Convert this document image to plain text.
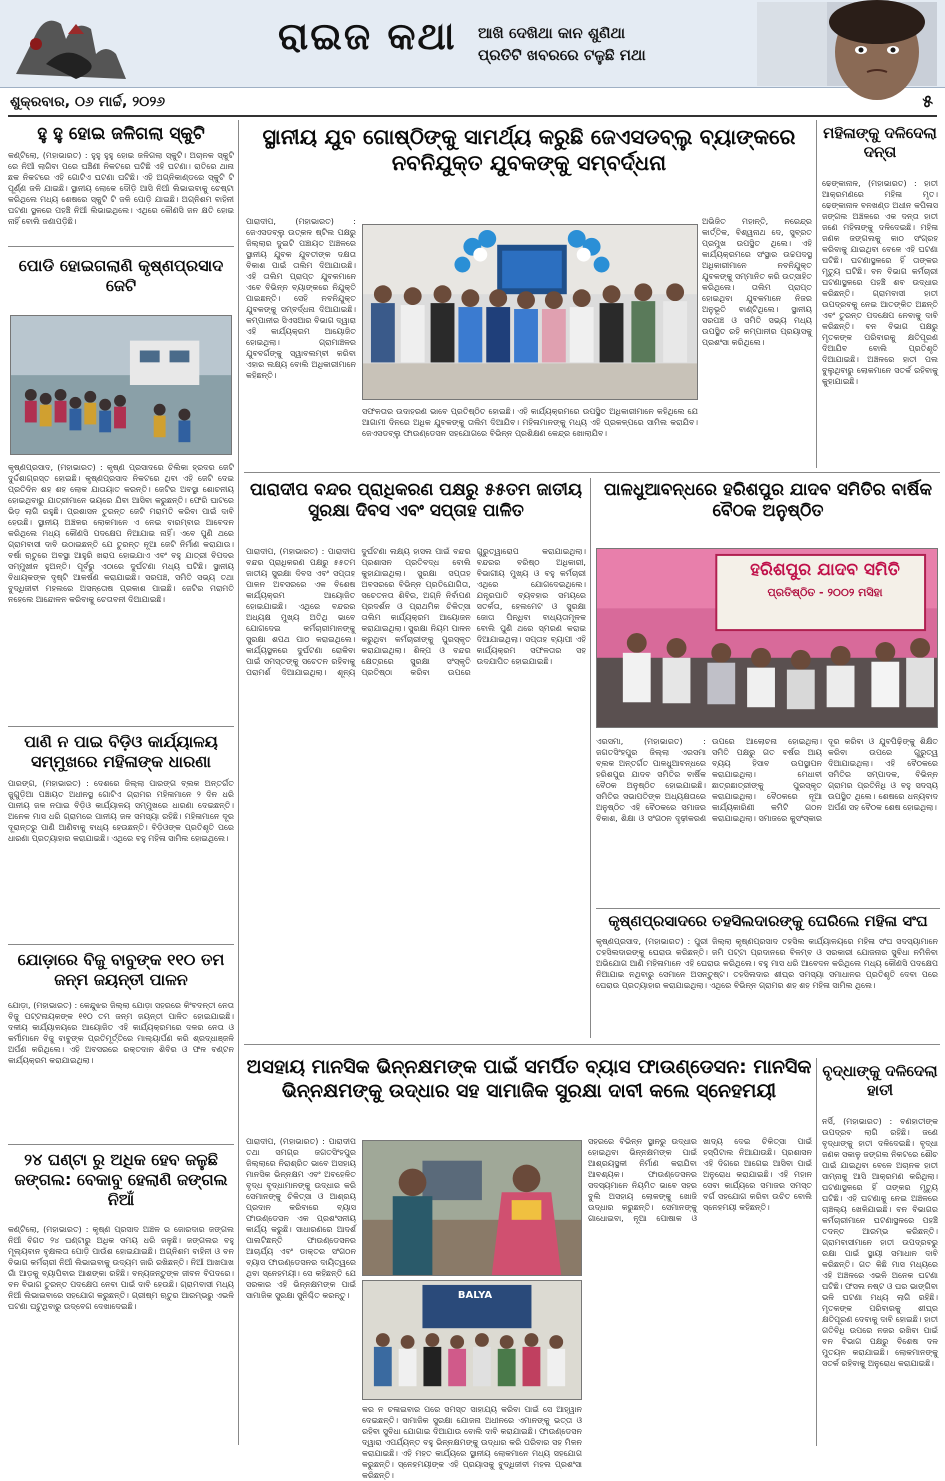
ରାଇଜ କଥା ଆଖି ଦେଖିଥା କାନ ଶୁଣିଥା
ପ୍ରତିଟି ଖବରରେ ଟଳୁଛି ମଥା
ଶୁକ୍ରବାର, ୦୬ ମାର୍ଚ୍ଚ, ୨୦୨୬	୫
ହୁ ହୁ ହୋଇ ଜଳିଗଲା ସ୍କୁଟି
କଣ୍ଟିଲୋ, (ମହାଭାରତ) : ହୁହୁ ହୁହୁ ହୋଇ ଜଳିଗଲା ସ୍କୁଟି। ଅଚାନକ ସ୍କୁଟି ରେ ନିଆଁ ଲାଗିବା ପରେ ଘଞ୍ଚିଣୀ ନିକଟରେ ଘଟିଛି ଏହି ଘଟଣା। ରାତିରେ ଥାନା ଛକ ନିକଟରେ ଏହି ଗୋଟିଏ ଘଟଣା ଘଟିଛି। ଏହି ଅଗ୍ନିକାଣ୍ଡରେ ସ୍କୁଟି ଟି ପୂର୍ଣ୍ଣ ଜଳି ଯାଇଛି। ସ୍ଥାନୀୟ ଲୋକେ ଦୌଡ଼ି ଆସି ନିଆଁ ଲିଭାଇବାକୁ ଚେଷ୍ଟା କରିଥିଲେ ମଧ୍ୟ ଶେଷରେ ସ୍କୁଟି ଟି ଜଳି ପୋଡ଼ି ଯାଇଛି। ଅଗ୍ନିଶମ ବାହିନୀ ଘଟଣା ସ୍ଥଳରେ ପହଞ୍ଚି ନିଆଁ ଲିଭାଇଥିଲେ। ଏଥିରେ କୌଣସି ଜନ କ୍ଷତି ହୋଇ ନାହିଁ ବୋଲି ଜଣାପଡ଼ିଛି।
ପୋଡି ହୋଇଗଲାଣି କୃଷ୍ଣପ୍ରସାଦ ଜେଟି
କୃଷ୍ଣପ୍ରସାଦ, (ମହାଭାରତ) : କୃଷ୍ଣ ପ୍ରସାଦରେ ଚିଲିକା ହ୍ରଦର ଜେଟି ଦୁର୍ଦ୍ଦଶାଗ୍ରସ୍ତ ହୋଇଛି। କୃଷ୍ଣପ୍ରସାଦ ନିକଟରେ ଥିବା ଏହି ଜେଟି ଦେଇ ପ୍ରତିଦିନ ଶହ ଶହ ଲୋକ ଯାତାୟାତ କରନ୍ତି। ଜେଟିର ଅବସ୍ଥା ଶୋଚନୀୟ ହୋଇଥିବାରୁ ଯାତ୍ରୀମାନେ ଭୟରେ ଯିବା ଆସିବା କରୁଛନ୍ତି। ଫେରି ଘାଟରେ ଭିଡ଼ ଲାଗି ରହୁଛି। ପ୍ରଶାସନ ତୁରନ୍ତ ଜେଟି ମରାମତି କରିବା ପାଇଁ ଦାବି ହେଉଛି। ସ୍ଥାନୀୟ ଅଞ୍ଚଳର ଲୋକମାନେ ଏ ନେଇ ବାରମ୍ବାର ଆବେଦନ କରିଥିଲେ ମଧ୍ୟ କୌଣସି ପଦକ୍ଷେପ ନିଆଯାଇ ନାହିଁ। ଏବେ ପୁଣି ଥରେ ଗ୍ରାମବାସୀ ଦାବି ଉଠାଇଛନ୍ତି ଯେ ତୁରନ୍ତ ନୂଆ ଜେଟି ନିର୍ମାଣ କରାଯାଉ। ବର୍ଷା ଋତୁରେ ଅବସ୍ଥା ଆହୁରି ଖରାପ ହୋଇଯାଏ ଏବଂ ବହୁ ଯାତ୍ରୀ ବିପଦର ସମ୍ମୁଖୀନ ହୁଅନ୍ତି। ପୂର୍ବରୁ ଏଠାରେ ଦୁର୍ଘଟଣା ମଧ୍ୟ ଘଟିଛି। ସ୍ଥାନୀୟ ବିଧାୟକଙ୍କ ଦୃଷ୍ଟି ଆକର୍ଷଣ କରାଯାଇଛି। ସରପଞ୍ଚ, ସମିତି ସଭ୍ୟ ତଥା ବୁଦ୍ଧିଜୀବୀ ମହଲରେ ଅସନ୍ତୋଷ ପ୍ରକାଶ ପାଇଛି। ଜେଟିର ମରାମତି ନହେଲେ ଆନ୍ଦୋଳନ କରିବାକୁ ଚେତାବନୀ ଦିଆଯାଇଛି।
ପାଣି ନ ପାଇ ବିଡ଼ିଓ କାର୍ଯ୍ୟାଳୟ ସମ୍ମୁଖରେ ମହିଳାଙ୍କ ଧାରଣା
ପାରଙ୍ଗ, (ମହାଭାରତ) : ଦେଶରେ ଜିଲ୍ଲା ପାରଙ୍ଗ ବ୍ଲକ ଅନ୍ତର୍ଗତ ଜୁଗୁଡ଼ିଆ ପଞ୍ଚାୟତ ଅଧୀନସ୍ଥ ଗୋଟିଏ ଗ୍ରାମର ମହିଳାମାନେ ୨ ଦିନ ଧରି ପାନୀୟ ଜଳ ନପାଇ ବିଡ଼ିଓ କାର୍ଯ୍ୟାଳୟ ସମ୍ମୁଖରେ ଧାରଣା ଦେଇଛନ୍ତି। ଅନେକ ମାସ ଧରି ଗ୍ରାମରେ ପାନୀୟ ଜଳ ସମସ୍ୟା ରହିଛି। ମହିଳାମାନେ ଦୂର ଦୂରାନ୍ତରୁ ପାଣି ଆଣିବାକୁ ବାଧ୍ୟ ହେଉଛନ୍ତି। ବିଡ଼ିଓଙ୍କ ପ୍ରତିଶୃତି ପରେ ଧାରଣା ପ୍ରତ୍ୟାହାର କରାଯାଇଛି। ଏଥିରେ ବହୁ ମହିଳା ସାମିଲ ହୋଇଥିଲେ।
ଯୋଡ଼ାରେ ବିଜୁ ବାବୁଙ୍କ ୧୧୦ ତମ ଜନ୍ମ ଜୟନ୍ତୀ ପାଳନ
ଯୋଡ଼ା, (ମହାଭାରତ) : କେନ୍ଦୁଝର ଜିଲ୍ଲା ଯୋଡ଼ା ସହରରେ କିଂବଦନ୍ତୀ ନେତା ବିଜୁ ପଟ୍ଟନାୟକଙ୍କ ୧୧୦ ତମ ଜନ୍ମ ଜୟନ୍ତୀ ପାଳିତ ହୋଇଯାଇଛି। ଦଳୀୟ କାର୍ଯ୍ୟାଳୟରେ ଆୟୋଜିତ ଏହି କାର୍ଯ୍ୟକ୍ରମରେ ଦଳର ନେତା ଓ କର୍ମୀମାନେ ବିଜୁ ବାବୁଙ୍କ ପ୍ରତିମୂର୍ତ୍ତିରେ ମାଲ୍ୟାର୍ପଣ କରି ଶ୍ରଦ୍ଧାଞ୍ଜଳି ଅର୍ପଣ କରିଥିଲେ। ଏହି ଅବସରରେ ରକ୍ତଦାନ ଶିବିର ଓ ଫଳ ବଣ୍ଟନ କାର୍ଯ୍ୟକ୍ରମ କରାଯାଇଥିଲା।
୨୪ ଘଣ୍ଟା ରୁ ଅଧିକ ହେବ ଜଳୁଛି ଜଙ୍ଗଲ: ବେକାବୁ ହେଲାଣି ଜଙ୍ଗଲ ନିଆଁ
କଣ୍ଟିଲୋ, (ମହାଭାରତ) : କୃଷ୍ଣ ପ୍ରସାଦ ଅଞ୍ଚଳ ର ଜୋରଦାର ଜଙ୍ଗଲ ନିଆଁ ବିଗତ ୨୪ ଘଣ୍ଟାରୁ ଅଧିକ ସମୟ ଧରି ଜଳୁଛି। ଜଙ୍ଗଲର ବହୁ ମୂଲ୍ୟବାନ ବୃକ୍ଷଲତା ପୋଡ଼ି ପାଉଁଶ ହୋଇଯାଇଛି। ଅଗ୍ନିଶମ ବାହିନୀ ଓ ବନ ବିଭାଗ କର୍ମଚାରୀ ନିଆଁ ଲିଭାଇବାକୁ ଉଦ୍ୟମ ଜାରି ରଖିଛନ୍ତି। ନିଆଁ ଆଖପାଖ ଗାଁ ଆଡ଼କୁ ବ୍ୟାପିବାର ଆଶଙ୍କା ରହିଛି। ବନ୍ୟଜନ୍ତୁଙ୍କ ଜୀବନ ବିପଦରେ। ବନ ବିଭାଗ ତୁରନ୍ତ ପଦକ୍ଷେପ ନେବା ପାଇଁ ଦାବି ହେଉଛି। ଗ୍ରାମବାସୀ ମଧ୍ୟ ନିଆଁ ଲିଭାଇବାରେ ସହଯୋଗ କରୁଛନ୍ତି। ଗ୍ରୀଷ୍ମ ଋତୁର ଆରମ୍ଭରୁ ଏଭଳି ଘଟଣା ଘଟୁଥିବାରୁ ଉଦ୍ବେଗ ଦେଖାଦେଇଛି।
ସ୍ଥାନୀୟ ଯୁବ ଗୋଷ୍ଠିଙ୍କୁ ସାମର୍ଥ୍ୟ କରୁଛି ଜେଏସଡବ୍ଲୁ ବ୍ୟାଙ୍କରେ ନବନିଯୁକ୍ତ ଯୁବକଙ୍କୁ ସମ୍ବର୍ଦ୍ଧନା
ପାରାଦୀପ, (ମହାଭାରତ) : ଜେଏସଡବ୍ଲୁ ଉତ୍କଳ ଷ୍ଟିଲ ପକ୍ଷରୁ ଜିଲ୍ଲାର ଦୁଇଟି ପଞ୍ଚାୟତ ଅଞ୍ଚଳରେ ସ୍ଥାନୀୟ ଯୁବକ ଯୁବତୀଙ୍କ ଦକ୍ଷତା ବିକାଶ ପାଇଁ ତାଲିମ ଦିଆଯାଉଛି। ଏହି ତାଲିମ ପ୍ରାପ୍ତ ଯୁବକମାନେ ଏବେ ବିଭିନ୍ନ ବ୍ୟାଙ୍କରେ ନିଯୁକ୍ତି ପାଇଛନ୍ତି। ସେହି ନବନିଯୁକ୍ତ ଯୁବକଙ୍କୁ ସମ୍ବର୍ଦ୍ଧନା ଦିଆଯାଇଛି। କମ୍ପାନୀର ସିଏସଆର ବିଭାଗ ଦ୍ୱାରା ଏହି କାର୍ଯ୍ୟକ୍ରମ ଆୟୋଜିତ ହୋଇଥିଲା। ଗ୍ରାମାଞ୍ଚଳର ଯୁବବର୍ଗଙ୍କୁ ସ୍ୱାବଲମ୍ବୀ କରିବା ଏହାର ଲକ୍ଷ୍ୟ ବୋଲି ଅଧିକାରୀମାନେ କହିଛନ୍ତି।
ଅଭିଜିତ ମହାନ୍ତି, ନରେନ୍ଦ୍ର କାର୍ତ୍ତିକ, ବିଶ୍ୱନାଥ ଦେ, ସୁବ୍ରତ ପ୍ରମୁଖ ଉପସ୍ଥିତ ଥିଲେ। ଏହି କାର୍ଯ୍ୟକ୍ରମରେ ସଂସ୍ଥାର ଉଚ୍ଚପଦସ୍ଥ ଅଧିକାରୀମାନେ ନବନିଯୁକ୍ତ ଯୁବକଙ୍କୁ ସମ୍ମାନିତ କରି ଉତ୍ସାହିତ କରିଥିଲେ। ତାଲିମ ପ୍ରାପ୍ତ ହୋଇଥିବା ଯୁବକମାନେ ନିଜର ଅନୁଭୂତି ବାଣ୍ଟିଥିଲେ। ସ୍ଥାନୀୟ ସରପଞ୍ଚ ଓ ସମିତି ସଭ୍ୟ ମଧ୍ୟ ଉପସ୍ଥିତ ରହି କମ୍ପାନୀର ପ୍ରୟାସକୁ ପ୍ରଶଂସା କରିଥିଲେ।
ସଫଳତାର ଉଦାହରଣ ଭାବେ ପ୍ରତିଷ୍ଠିତ ହୋଇଛି। ଏହି କାର୍ଯ୍ୟକ୍ରମରେ ଉପସ୍ଥିତ ଅଧିକାରୀମାନେ କହିଥିଲେ ଯେ ଆଗାମୀ ଦିନରେ ଅଧିକ ଯୁବକଙ୍କୁ ତାଲିମ ଦିଆଯିବ। ମହିଳାମାନଙ୍କୁ ମଧ୍ୟ ଏହି ପ୍ରକଳ୍ପରେ ସାମିଲ କରାଯିବ। ଜେଏସଡବ୍ଲୁ ଫାଉଣ୍ଡେସନ ସହଯୋଗରେ ବିଭିନ୍ନ ପ୍ରଶିକ୍ଷଣ କେନ୍ଦ୍ର ଖୋଲାଯିବ।
ମହିଳାଙ୍କୁ ଦଳିଦେଲା ଦନ୍ତା
ଢେଙ୍କାନାଳ, (ମହାଭାରତ) : ହାତୀ ଆକ୍ରମଣରେ ମହିଳା ମୃତ। ଢେଙ୍କାନାଳ ବନଖଣ୍ଡ ଅଧୀନ କପିଳାସ ଜଙ୍ଗଲ ଅଞ୍ଚଳରେ ଏକ ଦନ୍ତା ହାତୀ ଜଣେ ମହିଳାଙ୍କୁ ଦଳିଦେଇଛି। ମହିଳା ଜଣକ ଜଙ୍ଗଲକୁ କାଠ ସଂଗ୍ରହ କରିବାକୁ ଯାଇଥିବା ବେଳେ ଏହି ଘଟଣା ଘଟିଛି। ଘଟଣାସ୍ଥଳରେ ହିଁ ତାଙ୍କର ମୃତ୍ୟୁ ଘଟିଛି। ବନ ବିଭାଗ କର୍ମଚାରୀ ଘଟଣାସ୍ଥଳରେ ପହଞ୍ଚି ଶବ ଉଦ୍ଧାର କରିଛନ୍ତି। ଗ୍ରାମବାସୀ ହାତୀ ଉପଦ୍ରବକୁ ନେଇ ଆତଙ୍କିତ ଅଛନ୍ତି ଏବଂ ତୁରନ୍ତ ପଦକ୍ଷେପ ନେବାକୁ ଦାବି କରିଛନ୍ତି। ବନ ବିଭାଗ ପକ୍ଷରୁ ମୃତକଙ୍କ ପରିବାରକୁ କ୍ଷତିପୂରଣ ଦିଆଯିବ ବୋଲି ପ୍ରତିଶୃତି ଦିଆଯାଇଛି। ଅଞ୍ଚଳରେ ହାତୀ ପଲ ବୁଲୁଥିବାରୁ ଲୋକମାନେ ସତର୍କ ରହିବାକୁ କୁହାଯାଇଛି।
ପାରାଦୀପ ବନ୍ଦର ପ୍ରାଧିକରଣ ପକ୍ଷରୁ ୫୫ତମ ଜାତୀୟ ସୁରକ୍ଷା ଦିବସ ଏବଂ ସପ୍ତାହ ପାଳିତ
ପାରାଦୀପ, (ମହାଭାରତ) : ପାରାଦୀପ ବନ୍ଦର ପ୍ରାଧିକରଣ ପକ୍ଷରୁ ୫୫ତମ ଜାତୀୟ ସୁରକ୍ଷା ଦିବସ ଏବଂ ସପ୍ତାହ ପାଳନ ଅବସରରେ ଏକ ବିଶେଷ କାର୍ଯ୍ୟକ୍ରମ ଆୟୋଜିତ ହୋଇଯାଇଛି। ଏଥିରେ ବନ୍ଦରର ଅଧ୍ୟକ୍ଷ ମୁଖ୍ୟ ଅତିଥି ଭାବେ ଯୋଗଦେଇ କର୍ମଚାରୀମାନଙ୍କୁ ସୁରକ୍ଷା ଶପଥ ପାଠ କରାଇଥିଲେ। କାର୍ଯ୍ୟସ୍ଥଳରେ ଦୁର୍ଘଟଣା ରୋକିବା ପାଇଁ ସମସ୍ତଙ୍କୁ ସଚେତନ ରହିବାକୁ ପରାମର୍ଶ ଦିଆଯାଇଥିଲା। ଶୂନ୍ୟ ଦୁର୍ଘଟଣା ଲକ୍ଷ୍ୟ ହାସଲ ପାଇଁ ବନ୍ଦର ପ୍ରଶାସନ ପ୍ରତିବଦ୍ଧ ବୋଲି କୁହାଯାଇଥିଲା। ସୁରକ୍ଷା ସପ୍ତାହ ଅବସରରେ ବିଭିନ୍ନ ପ୍ରତିଯୋଗିତା, ସଚେତନତା ଶିବିର, ଅଗ୍ନି ନିର୍ବାପଣ ପ୍ରଦର୍ଶନ ଓ ପ୍ରାଥମିକ ଚିକିତ୍ସା ତାଲିମ କାର୍ଯ୍ୟକ୍ରମ ଆୟୋଜନ କରାଯାଇଥିଲା। ସୁରକ୍ଷା ନିୟମ ପାଳନ କରୁଥିବା କର୍ମଚାରୀଙ୍କୁ ପୁରସ୍କୃତ କରାଯାଇଥିଲା। ଶିଳ୍ପ ଓ ବନ୍ଦର କ୍ଷେତ୍ରରେ ସୁରକ୍ଷା ସଂସ୍କୃତି ପ୍ରତିଷ୍ଠା କରିବା ଉପରେ ଗୁରୁତ୍ୱାରୋପ କରାଯାଇଥିଲା। ବନ୍ଦରର ବରିଷ୍ଠ ଅଧିକାରୀ, ବିଭାଗୀୟ ମୁଖ୍ୟ ଓ ବହୁ କର୍ମଚାରୀ ଏଥିରେ ଯୋଗଦେଇଥିଲେ। ଯନ୍ତ୍ରପାତି ବ୍ୟବହାର ସମୟରେ ସତର୍କତା, ହେଲମେଟ ଓ ସୁରକ୍ଷା ଜୋତା ପିନ୍ଧିବା ବାଧ୍ୟତାମୂଳକ ବୋଲି ପୁଣି ଥରେ ସ୍ମରଣ କରାଇ ଦିଆଯାଇଥିଲା। ସପ୍ତାହ ବ୍ୟାପୀ ଏହି କାର୍ଯ୍ୟକ୍ରମ ସଫଳତାର ସହ ଉଦଯାପିତ ହୋଇଯାଇଛି।
ପାଳଧୁଆବନ୍ଧରେ ହରିଶପୁର ଯାଦବ ସମିତିର ବାର୍ଷିକ ବୈଠକ ଅନୁଷ୍ଠିତ
ହରିଶପୁର ଯାଦବ ସମିତି
ପ୍ରତିଷ୍ଠିତ - ୨୦୦୨ ମସିହା
ଏରସମା, (ମହାଭାରତ) : ଜଗତସିଂହପୁର ଜିଲ୍ଲା ଏରସମା ବ୍ଲକ ଅନ୍ତର୍ଗତ ପାଳଧୁଆବନ୍ଧରେ ହରିଶପୁର ଯାଦବ ସମିତିର ବାର୍ଷିକ ବୈଠକ ଅନୁଷ୍ଠିତ ହୋଇଯାଇଛି। ସମିତିର ସଭାପତିଙ୍କ ଅଧ୍ୟକ୍ଷତାରେ ଅନୁଷ୍ଠିତ ଏହି ବୈଠକରେ ସମାଜର ବିକାଶ, ଶିକ୍ଷା ଓ ସଂଗଠନ ଦୃଢ଼ୀକରଣ ଉପରେ ଆଲୋଚନା ହୋଇଥିଲା। ସମିତି ପକ୍ଷରୁ ଗତ ବର୍ଷର ଆୟ ବ୍ୟୟ ହିସାବ ଉପସ୍ଥାପନ କରାଯାଇଥିଲା। ମେଧାବୀ ଛାତ୍ରଛାତ୍ରୀଙ୍କୁ ପୁରସ୍କୃତ କରାଯାଇଥିଲା। ବୈଠକରେ ନୂଆ କାର୍ଯ୍ୟକାରିଣୀ କମିଟି ଗଠନ କରାଯାଇଥିଲା। ସମାଜରେ କୁସଂସ୍କାର ଦୂର କରିବା ଓ ଯୁବପିଢ଼ିଙ୍କୁ ଶିକ୍ଷିତ କରିବା ଉପରେ ଗୁରୁତ୍ୱ ଦିଆଯାଇଥିଲା। ଏହି ବୈଠକରେ ସମିତିର ସମ୍ପାଦକ, ବିଭିନ୍ନ ଗ୍ରାମର ପ୍ରତିନିଧି ଓ ବହୁ ସଦସ୍ୟ ଉପସ୍ଥିତ ଥିଲେ। ଶେଷରେ ଧନ୍ୟବାଦ ଅର୍ପଣ ସହ ବୈଠକ ଶେଷ ହୋଇଥିଲା।
କୃଷ୍ଣପ୍ରସାଦରେ ତହସିଲଦାରଙ୍କୁ ଘେରିଲେ ମହିଳା ସଂଘ
କୃଷ୍ଣପ୍ରସାଦ, (ମହାଭାରତ) : ପୁରୀ ଜିଲ୍ଲା କୃଷ୍ଣପ୍ରସାଦ ତହସିଲ କାର୍ଯ୍ୟାଳୟରେ ମହିଳା ସଂଘ ସଦସ୍ୟାମାନେ ତହସିଲଦାରଙ୍କୁ ଘେରାଉ କରିଛନ୍ତି। ଜମି ପଟ୍ଟା ପ୍ରଦାନରେ ବିଳମ୍ବ ଓ ସରକାରୀ ଯୋଜନାର ସୁବିଧା ନମିଳିବା ଅଭିଯୋଗ ଆଣି ମହିଳାମାନେ ଏହି ଘେରାଉ କରିଥିଲେ। ବହୁ ମାସ ଧରି ଆବେଦନ କରିଥିଲେ ମଧ୍ୟ କୌଣସି ପଦକ୍ଷେପ ନିଆଯାଇ ନଥିବାରୁ ସେମାନେ ଅସନ୍ତୁଷ୍ଟ। ତହସିଲଦାର ଶୀଘ୍ର ସମସ୍ୟା ସମାଧାନର ପ୍ରତିଶୃତି ଦେବା ପରେ ଘେରାଉ ପ୍ରତ୍ୟାହାର କରାଯାଇଥିଲା। ଏଥିରେ ବିଭିନ୍ନ ଗ୍ରାମର ଶହ ଶହ ମହିଳା ସାମିଲ ଥିଲେ।
ଅସହାୟ ମାନସିକ ଭିନ୍ନକ୍ଷମଙ୍କ ପାଇଁ ସମର୍ପିତ ବ୍ୟାସ ଫାଉଣ୍ଡେସନ: ମାନସିକ ଭିନ୍ନକ୍ଷମଙ୍କୁ ଉଦ୍ଧାର ସହ ସାମାଜିକ ସୁରକ୍ଷା ଦାବୀ କଲେ ସ୍ନେହମୟୀ
ପାରାଦୀପ, (ମହାଭାରତ) : ପାରାଦୀପ ତଥା ସମଗ୍ର ଜଗତସିଂହପୁର ଜିଲ୍ଲାରେ ନିରାଶ୍ରିତ ଭାବେ ଅସହାୟ ମାନସିକ ଭିନ୍ନକ୍ଷମ ଏବଂ ଅବହେଳିତ ବୃଦ୍ଧ ବୃଦ୍ଧାମାନଙ୍କୁ ଉଦ୍ଧାର କରି ସେମାନଙ୍କୁ ଚିକିତ୍ସା ଓ ଆଶ୍ରୟ ପ୍ରଦାନ କରିବାରେ ବ୍ୟାସ ଫାଉଣ୍ଡେସନ ଏକ ପ୍ରଶଂସନୀୟ କାର୍ଯ୍ୟ କରୁଛି। ସାଧାରଣରେ ଆଦର୍ଶ ପାଲଟିଛନ୍ତି ଫାଉଣ୍ଡେସନର ଆଚାର୍ଯ୍ୟ ଏବଂ ଡାକ୍ତର ସଂଗଠନ ବ୍ୟାସ ଫାଉଣ୍ଡେସନର ଦାୟିତ୍ୱରେ ଥିବା ସ୍ନେହମୟୀ। ସେ କହିଛନ୍ତି ଯେ ସରକାର ଏହି ଭିନ୍ନକ୍ଷମଙ୍କ ପାଇଁ ସାମାଜିକ ସୁରକ୍ଷା ସୁନିଶ୍ଚିତ କରନ୍ତୁ।	BALYA
କର ନ ଚଳାଇବାର ପରେ ସମସ୍ତ ସାହାଯ୍ୟ କରିବା ପାଇଁ ସେ ଆହ୍ୱାନ ଦେଇଛନ୍ତି। ସାମାଜିକ ସୁରକ୍ଷା ଯୋଜନା ଅଧୀନରେ ଏମାନଙ୍କୁ ଭତ୍ତା ଓ ରହିବା ସୁବିଧା ଯୋଗାଇ ଦିଆଯାଉ ବୋଲି ଦାବି କରାଯାଇଛି। ଫାଉଣ୍ଡେସନ ଦ୍ୱାରା ଏପର୍ଯ୍ୟନ୍ତ ବହୁ ଭିନ୍ନକ୍ଷମଙ୍କୁ ଉଦ୍ଧାର କରି ପରିବାର ସହ ମିଳନ କରାଯାଇଛି। ଏହି ମହତ କାର୍ଯ୍ୟରେ ସ୍ଥାନୀୟ ଲୋକମାନେ ମଧ୍ୟ ସହଯୋଗ କରୁଛନ୍ତି। ସ୍ନେହମୟୀଙ୍କ ଏହି ପ୍ରୟାସକୁ ବୁଦ୍ଧିଜୀବୀ ମହଲ ପ୍ରଶଂସା କରିଛନ୍ତି।
ସହରରେ ବିଭିନ୍ନ ସ୍ଥାନରୁ ଉଦ୍ଧାର ହୋଇଥିବା ଭିନ୍ନକ୍ଷମଙ୍କ ପାଇଁ ଆଶ୍ରୟସ୍ଥଳୀ ନିର୍ମାଣ କରାଯିବା ଆବଶ୍ୟକ। ଫାଉଣ୍ଡେସନର ସଦସ୍ୟମାନେ ନିୟମିତ ଭାବେ ସହର ବୁଲି ଅସହାୟ ଲୋକଙ୍କୁ ଖୋଜି ଉଦ୍ଧାର କରୁଛନ୍ତି। ସେମାନଙ୍କୁ ଗାଧୋଇବା, ନୂଆ ପୋଷାକ ଓ ଖାଦ୍ୟ ଦେଇ ଚିକିତ୍ସା ପାଇଁ ହସ୍ପିଟାଲ ନିଆଯାଉଛି। ପ୍ରଶାସନ ଏହି ଦିଗରେ ଆଗେଇ ଆସିବା ପାଇଁ ଅନୁରୋଧ କରାଯାଇଛି। ଏହି ମହାନ ସେବା କାର୍ଯ୍ୟରେ ସମାଜର ସମସ୍ତ ବର୍ଗ ସହଯୋଗ କରିବା ଉଚିତ ବୋଲି ସ୍ନେହମୟୀ କହିଛନ୍ତି।
ବୃଦ୍ଧାଙ୍କୁ ଦଳିଦେଲା ହାତୀ
ନର୍ସି, (ମହାଭାରତ) : ବଣହାତୀଙ୍କ ଉପଦ୍ରବ ଲାଗି ରହିଛି। ଜଣେ ବୃଦ୍ଧାଙ୍କୁ ହାତୀ ଦଳିଦେଇଛି। ବୃଦ୍ଧା ଜଣକ ସକାଳୁ ଜଙ୍ଗଲ ନିକଟରେ ଶୌଚ ପାଇଁ ଯାଇଥିବା ବେଳେ ଅଚାନକ ହାତୀ ସାମ୍ନାକୁ ଆସି ଆକ୍ରମଣ କରିଥିଲା। ଘଟଣାସ୍ଥଳରେ ହିଁ ତାଙ୍କର ମୃତ୍ୟୁ ଘଟିଛି। ଏହି ଘଟଣାକୁ ନେଇ ଅଞ୍ଚଳରେ ଚାଞ୍ଚଲ୍ୟ ଖେଳିଯାଇଛି। ବନ ବିଭାଗର କର୍ମଚାରୀମାନେ ଘଟଣାସ୍ଥଳରେ ପହଞ୍ଚି ତଦନ୍ତ ଆରମ୍ଭ କରିଛନ୍ତି। ଗ୍ରାମବାସୀମାନେ ହାତୀ ଉପଦ୍ରବରୁ ରକ୍ଷା ପାଇଁ ସ୍ଥାୟୀ ସମାଧାନ ଦାବି କରିଛନ୍ତି। ଗତ କିଛି ମାସ ମଧ୍ୟରେ ଏହି ଅଞ୍ଚଳରେ ଏଭଳି ଅନେକ ଘଟଣା ଘଟିଛି। ଫସଲ ନଷ୍ଟ ଓ ଘର ଭାଙ୍ଗିବା ଭଳି ଘଟଣା ମଧ୍ୟ ଲାଗି ରହିଛି। ମୃତକଙ୍କ ପରିବାରକୁ ଶୀଘ୍ର କ୍ଷତିପୂରଣ ଦେବାକୁ ଦାବି ହୋଇଛି। ହାତୀ ଗତିବିଧି ଉପରେ ନଜର ରଖିବା ପାଇଁ ବନ ବିଭାଗ ପକ୍ଷରୁ ବିଶେଷ ଦଳ ମୁତୟନ କରାଯାଇଛି। ଲୋକମାନଙ୍କୁ ସତର୍କ ରହିବାକୁ ଅନୁରୋଧ କରାଯାଇଛି।
